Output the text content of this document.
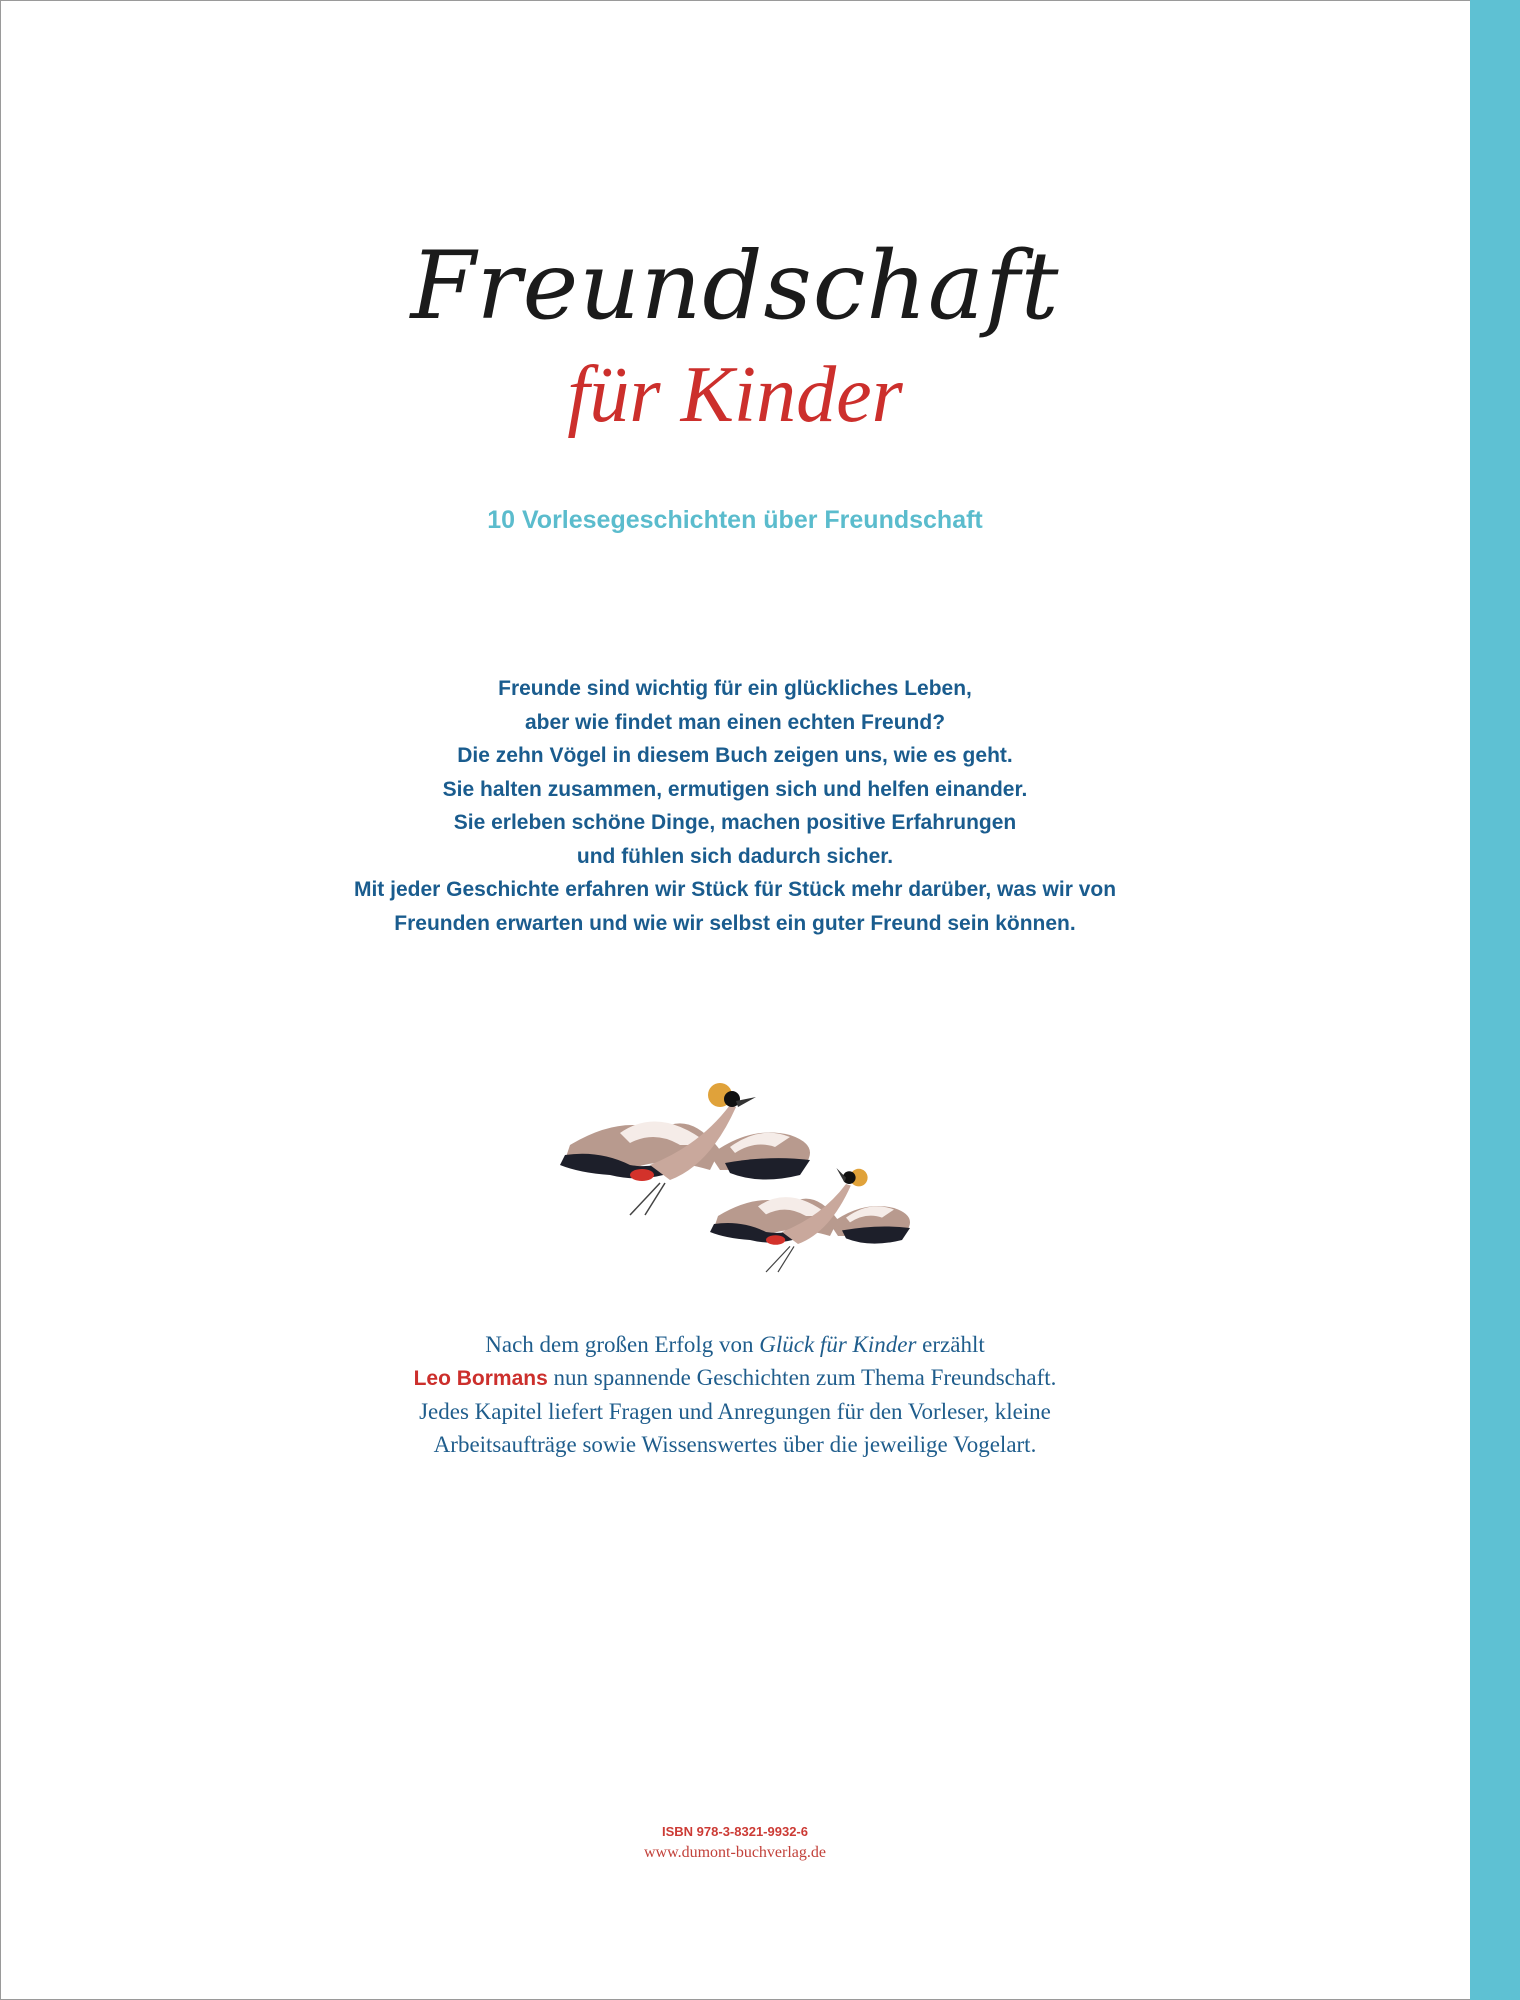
Freundschaft
für Kinder
10 Vorlesegeschichten über Freundschaft
Freunde sind wichtig für ein glückliches Leben,
aber wie findet man einen echten Freund?
Die zehn Vögel in diesem Buch zeigen uns, wie es geht.
Sie halten zusammen, ermutigen sich und helfen einander.
Sie erleben schöne Dinge, machen positive Erfahrungen
und fühlen sich dadurch sicher.
Mit jeder Geschichte erfahren wir Stück für Stück mehr darüber, was wir von
Freunden erwarten und wie wir selbst ein guter Freund sein können.
Nach dem großen Erfolg von Glück für Kinder erzählt
Leo Bormans nun spannende Geschichten zum Thema Freundschaft.
Jedes Kapitel liefert Fragen und Anregungen für den Vorleser, kleine
Arbeitsaufträge sowie Wissenswertes über die jeweilige Vogelart.
ISBN 978-3-8321-9932-6
www.dumont-buchverlag.de
